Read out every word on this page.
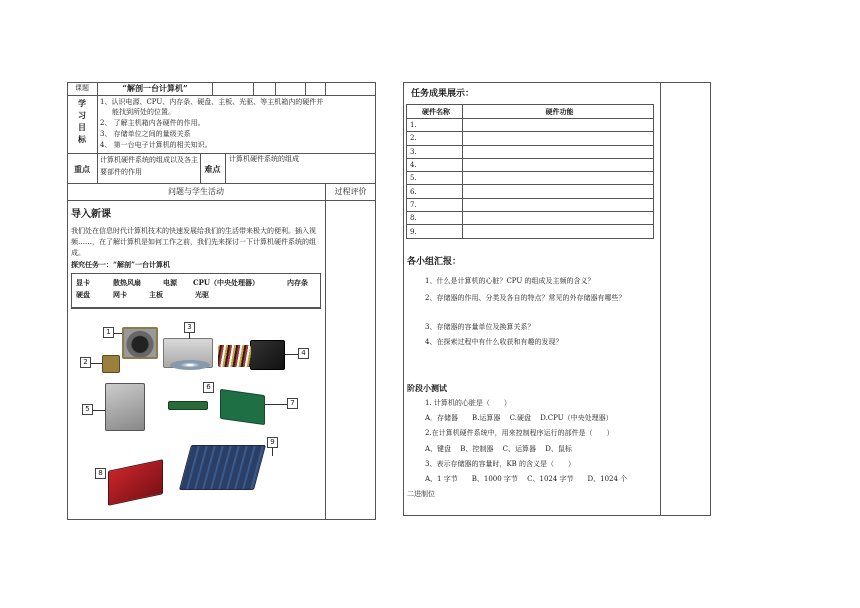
课题	“解剖一台计算机”
学习目标
1、认识电源、CPU、内存条、硬盘、主板、光驱、等主机箱内的硬件并
能找到所处的位置。
2、 了解主机箱内各硬件的作用。
3、 存储单位之间的量级关系
4、 第一台电子计算机的相关知识。
重点
计算机硬件系统的组成以及各主要部件的作用	难点
计算机硬件系统的组成
问题与学生活动	过程评价
导入新课
我们处在信息时代计算机技术的快速发展给我们的生活带来极大的便利。插入视频……，在了解计算机是如何工作之前，我们先来探讨一下计算机硬件系统的组成。
探究任务一：“解剖”一台计算机
显卡	散热风扇	电源 CPU（中央处理器）	内存条
硬盘	网卡	主板	光驱
1
2
3
4
5
6
7
8
9
任务成果展示：
硬件名称	硬件功能
1.	
2.	
3.	
4.	
5.	
6.	
7.	
8.	
9.	
各小组汇报：
1、什么是计算机的心脏？CPU 的组成及主频的含义？
2、存储器的作用、分类及各自的特点？常见的外存储器有哪些？
3、存储器的容量单位及换算关系？
4、在探索过程中有什么收获和有趣的发现？
阶段小测试
1. 计算机的心脏是（　　）
A．存储器　　B.运算器　 C.硬盘　 D.CPU（中央处理器）
2.在计算机硬件系统中，用来控制程序运行的部件是（　　）
A、键盘　 B、控制器　 C、运算器　 D、鼠标
3、表示存储器的容量时，KB 的含义是（　　）
A、1 字节　　B、1000 字节　 C、1024 字节　　D、1024 个
二进制位
